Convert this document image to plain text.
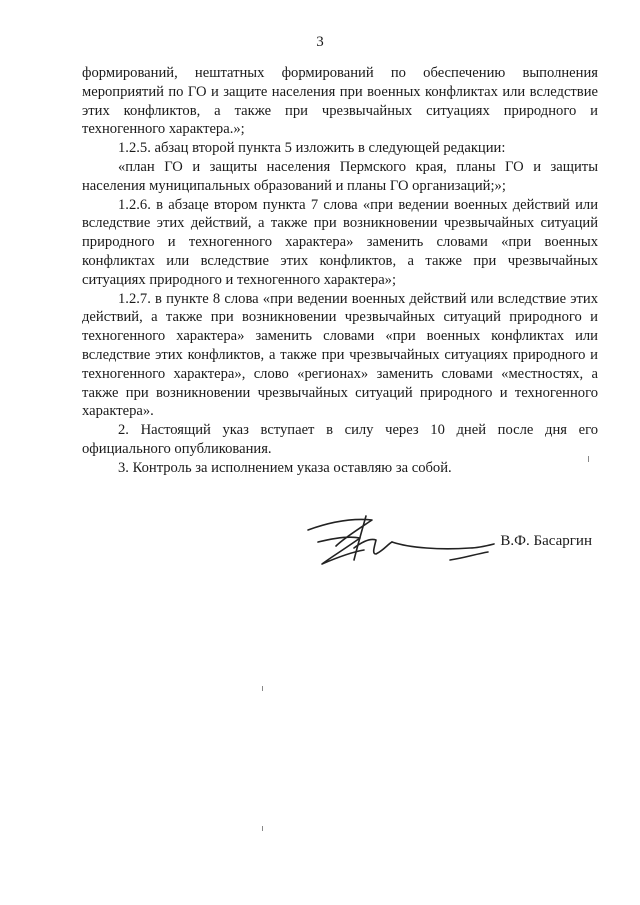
3

формирований, нештатных формирований по обеспечению выполнения мероприятий по ГО и защите населения при военных конфликтах или вследствие этих конфликтов, а также при чрезвычайных ситуациях природного и техногенного характера.»;

1.2.5. абзац второй пункта 5 изложить в следующей редакции:

«план ГО и защиты населения Пермского края, планы ГО и защиты населения муниципальных образований и планы ГО организаций;»;

1.2.6. в абзаце втором пункта 7 слова «при ведении военных действий или вследствие этих действий, а также при возникновении чрезвычайных ситуаций природного и техногенного характера» заменить словами «при военных конфликтах или вследствие этих конфликтов, а также при чрезвычайных ситуациях природного и техногенного характера»;

1.2.7. в пункте 8 слова «при ведении военных действий или вследствие этих действий, а также при возникновении чрезвычайных ситуаций природного и техногенного характера» заменить словами «при военных конфликтах или вследствие этих конфликтов, а также при чрезвычайных ситуациях природного и техногенного характера», слово «регионах» заменить словами «местностях, а также при возникновении чрезвычайных ситуаций природного и техногенного характера».

2. Настоящий указ вступает в силу через 10 дней после дня его официального опубликования.

3. Контроль за исполнением указа оставляю за собой.

В.Ф. Басаргин
